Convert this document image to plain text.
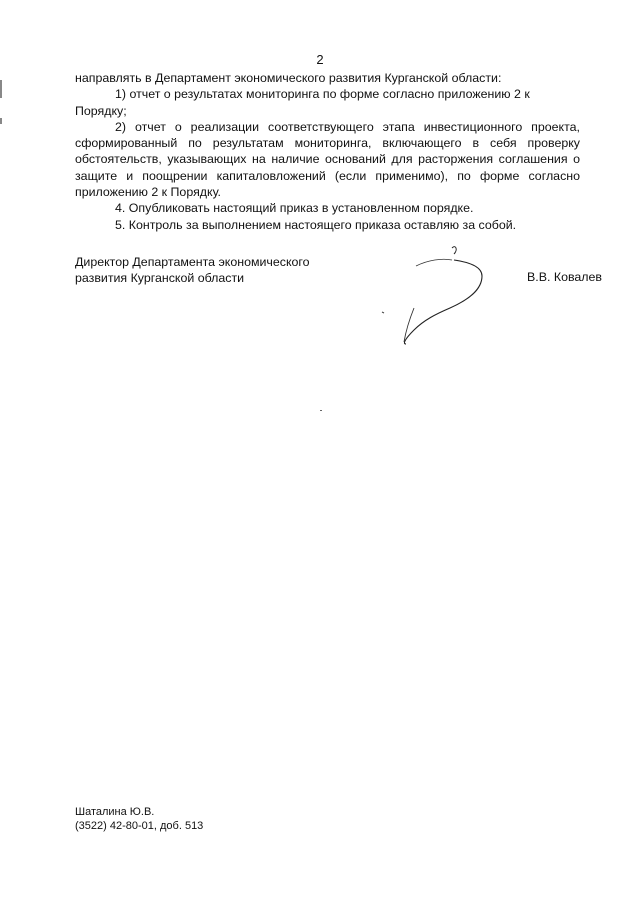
2

направлять в Департамент экономического развития Курганской области:

1) отчет о результатах мониторинга по форме согласно приложению 2 к Порядку;

2) отчет о реализации соответствующего этапа инвестиционного проекта, сформированный по результатам мониторинга, включающего в себя проверку обстоятельств, указывающих на наличие оснований для расторжения соглашения о защите и поощрении капиталовложений (если применимо), по форме согласно приложению 2 к Порядку.

4. Опубликовать настоящий приказ в установленном порядке.

5. Контроль за выполнением настоящего приказа оставляю за собой.

Директор Департамента экономического
развития Курганской области	В.В. Ковалев
Шаталина Ю.В.
(3522) 42-80-01, доб. 513
